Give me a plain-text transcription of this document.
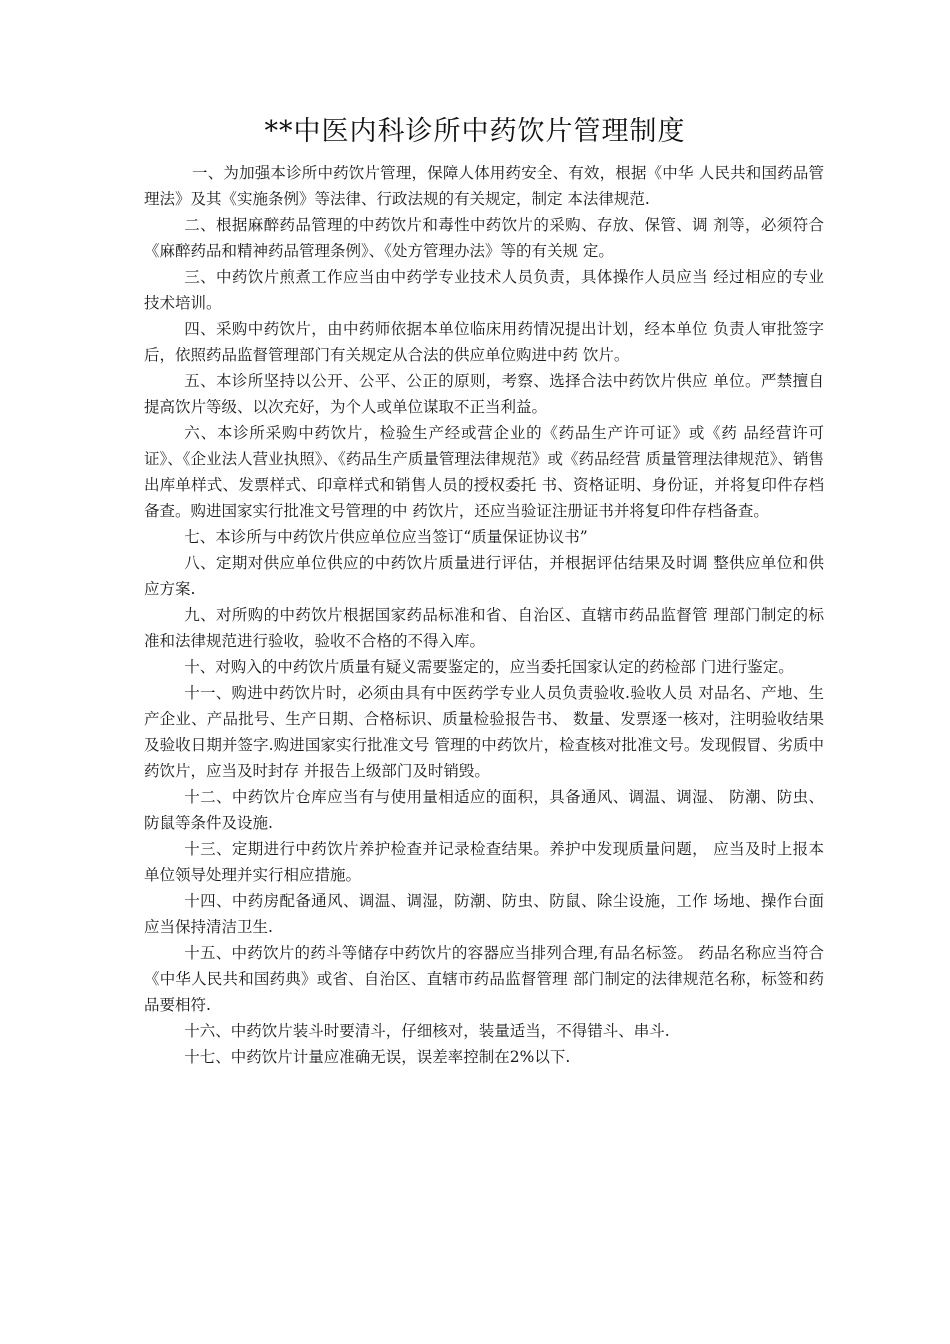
**中医内科诊所中药饮片管理制度

一、为加强本诊所中药饮片管理，保障人体用药安全、有效，根据《中华 人民共和国药品管理法》及其《实施条例》等法律、行政法规的有关规定，制定 本法律规范.

二、根据麻醉药品管理的中药饮片和毒性中药饮片的采购、存放、保管、调 剂等，必须符合《麻醉药品和精神药品管理条例》、《处方管理办法》等的有关规 定。

三、中药饮片煎煮工作应当由中药学专业技术人员负责，具体操作人员应当 经过相应的专业技术培训。

四、采购中药饮片，由中药师依据本单位临床用药情况提出计划，经本单位 负责人审批签字后，依照药品监督管理部门有关规定从合法的供应单位购进中药 饮片。

五、本诊所坚持以公开、公平、公正的原则，考察、选择合法中药饮片供应 单位。严禁擅自提高饮片等级、以次充好，为个人或单位谋取不正当利益。

六、本诊所采购中药饮片，检验生产经或营企业的《药品生产许可证》或《药 品经营许可证》、《企业法人营业执照》、《药品生产质量管理法律规范》或《药品经营 质量管理法律规范》、销售出库单样式、发票样式、印章样式和销售人员的授权委托 书、资格证明、身份证，并将复印件存档备查。购进国家实行批准文号管理的中 药饮片，还应当验证注册证书并将复印件存档备查。

七、本诊所与中药饮片供应单位应当签订“质量保证协议书”

八、定期对供应单位供应的中药饮片质量进行评估，并根据评估结果及时调 整供应单位和供应方案.

九、对所购的中药饮片根据国家药品标准和省、自治区、直辖市药品监督管 理部门制定的标准和法律规范进行验收，验收不合格的不得入库。

十、对购入的中药饮片质量有疑义需要鉴定的，应当委托国家认定的药检部 门进行鉴定。

十一、购进中药饮片时，必须由具有中医药学专业人员负责验收.验收人员 对品名、产地、生产企业、产品批号、生产日期、合格标识、质量检验报告书、 数量、发票逐一核对，注明验收结果及验收日期并签字.购进国家实行批准文号 管理的中药饮片，检查核对批准文号。发现假冒、劣质中药饮片，应当及时封存 并报告上级部门及时销毁。

十二、中药饮片仓库应当有与使用量相适应的面积，具备通风、调温、调湿、 防潮、防虫、防鼠等条件及设施.

十三、定期进行中药饮片养护检查并记录检查结果。养护中发现质量问题， 应当及时上报本单位领导处理并实行相应措施。

十四、中药房配备通风、调温、调湿，防潮、防虫、防鼠、除尘设施，工作 场地、操作台面应当保持清洁卫生.

十五、中药饮片的药斗等储存中药饮片的容器应当排列合理,有品名标签。 药品名称应当符合《中华人民共和国药典》或省、自治区、直辖市药品监督管理 部门制定的法律规范名称，标签和药品要相符.

十六、中药饮片装斗时要清斗，仔细核对，装量适当，不得错斗、串斗.

十七、中药饮片计量应准确无误，误差率控制在2%以下.
